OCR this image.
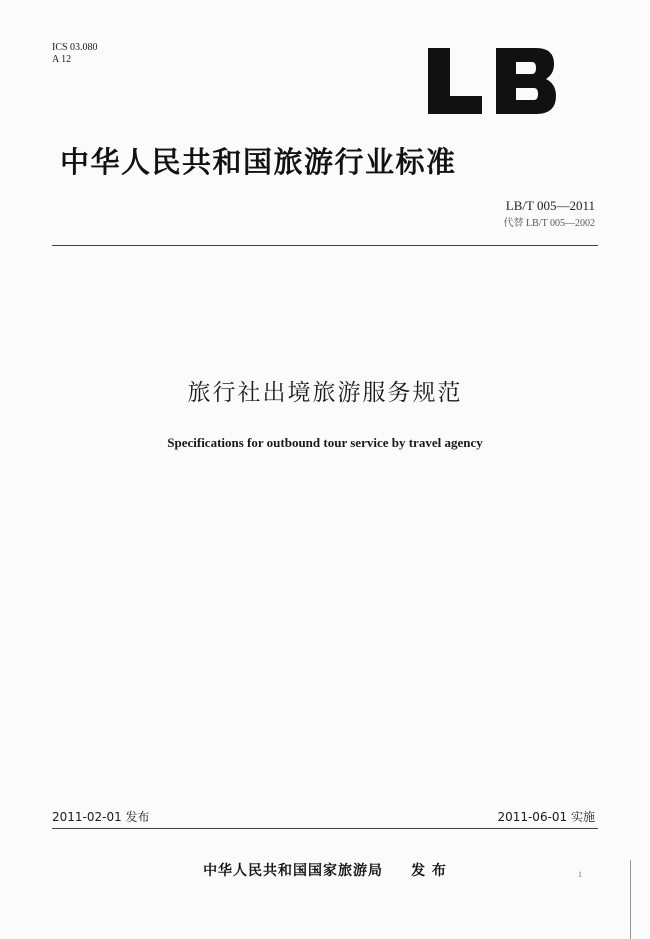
ICS 03.080
A 12
中华人民共和国旅游行业标准
LB/T 005—2011
代替 LB/T 005—2002
旅行社出境旅游服务规范
Specifications for outbound tour service by travel agency
2011-02-01 发布	2011-06-01 实施
中华人民共和国国家旅游局 发 布	1
